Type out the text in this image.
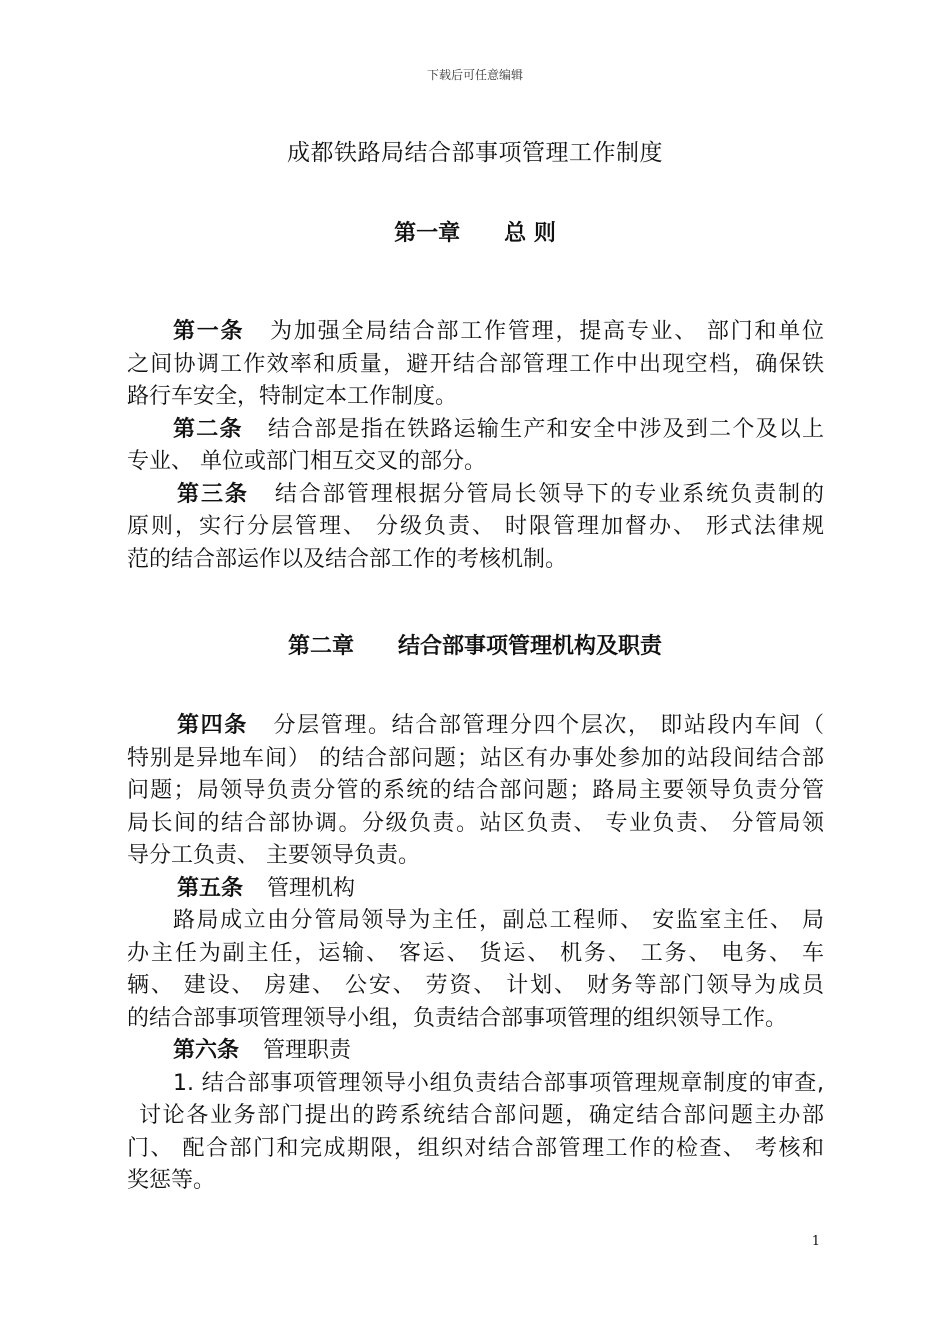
下载后可任意编辑
成都铁路局结合部事项管理工作制度
第一章 总 则
第一条 为加强全局结合部工作管理，提高专业、 部门和单位
之间协调工作效率和质量，避开结合部管理工作中出现空档，确保铁
路行车安全，特制定本工作制度。
第二条 结合部是指在铁路运输生产和安全中涉及到二个及以上
专业、 单位或部门相互交叉的部分。
第三条 结合部管理根据分管局长领导下的专业系统负责制的
原则，实行分层管理、 分级负责、 时限管理加督办、 形式法律规
范的结合部运作以及结合部工作的考核机制。
第二章 结合部事项管理机构及职责
第四条 分层管理。结合部管理分四个层次， 即站段内车间（
特别是异地车间） 的结合部问题；站区有办事处参加的站段间结合部
问题；局领导负责分管的系统的结合部问题；路局主要领导负责分管
局长间的结合部协调。分级负责。站区负责、 专业负责、 分管局领
导分工负责、 主要领导负责。
第五条 管理机构
路局成立由分管局领导为主任，副总工程师、 安监室主任、 局
办主任为副主任，运输、 客运、 货运、 机务、 工务、 电务、 车
辆、 建设、 房建、 公安、 劳资、 计划、 财务等部门领导为成员
的结合部事项管理领导小组，负责结合部事项管理的组织领导工作。
第六条 管理职责
1. 结合部事项管理领导小组负责结合部事项管理规章制度的审查,
讨论各业务部门提出的跨系统结合部问题，确定结合部问题主办部
门、 配合部门和完成期限，组织对结合部管理工作的检查、 考核和
奖惩等。
1
